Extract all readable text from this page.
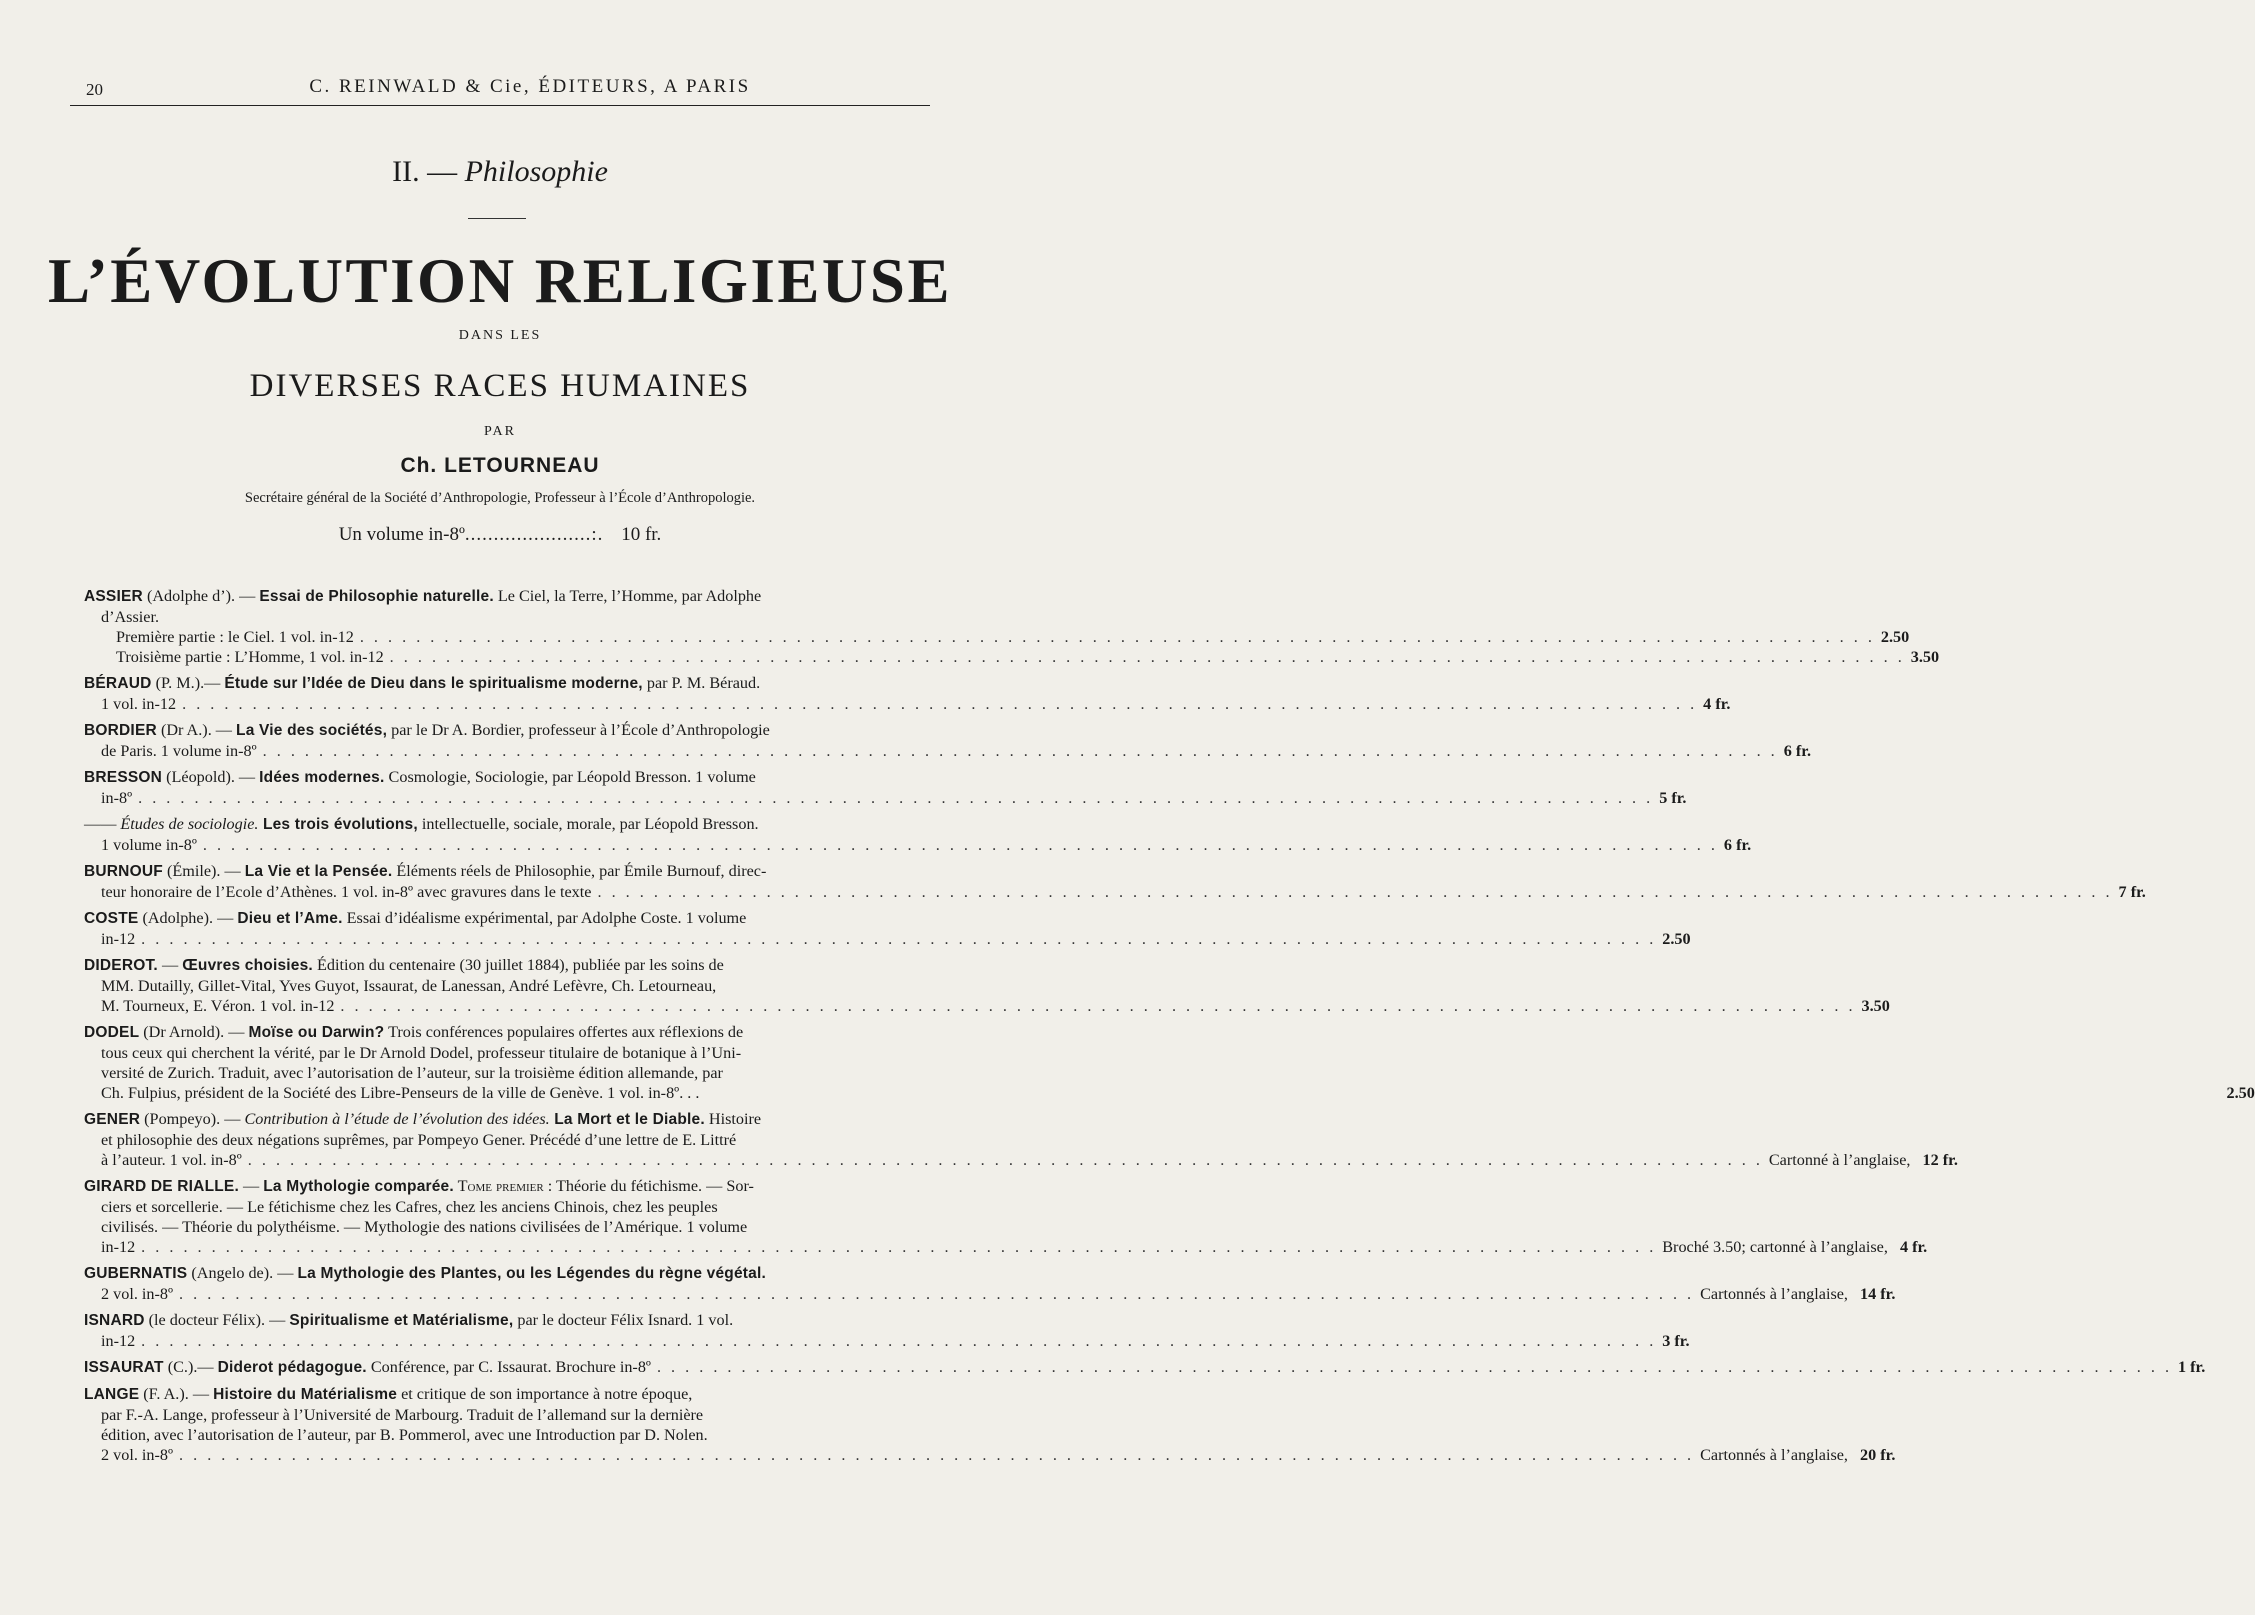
20	C. REINWALD & Cie, ÉDITEURS, A PARIS
II. — Philosophie
L’ÉVOLUTION RELIGIEUSE
DANS LES
DIVERSES RACES HUMAINES
PAR
Ch. LETOURNEAU
Secrétaire général de la Société d’Anthropologie, Professeur à l’École d’Anthropologie.
Un volume in-8º......................:. 10 fr.
ASSIER (Adolphe d’). — Essai de Philosophie naturelle. Le Ciel, la Terre, l’Homme, par Adolphe
d’Assier.
Première partie : le Ciel. 1 vol. in-12 . . .	2.50
Troisième partie : L’Homme, 1 vol. in-12 . . .	3.50
BÉRAUD (P. M.).— Étude sur l’Idée de Dieu dans le spiritualisme moderne, par P. M. Béraud.
1 vol. in-12 . . .	4 fr.
BORDIER (Dr A.). — La Vie des sociétés, par le Dr A. Bordier, professeur à l’École d’Anthropologie
de Paris. 1 volume in-8º . . .	6 fr.
BRESSON (Léopold). — Idées modernes. Cosmologie, Sociologie, par Léopold Bresson. 1 volume
in-8º . . .	5 fr.
—— Études de sociologie. Les trois évolutions, intellectuelle, sociale, morale, par Léopold Bresson.
1 volume in-8º . . .	6 fr.
BURNOUF (Émile). — La Vie et la Pensée. Éléments réels de Philosophie, par Émile Burnouf, direc-
teur honoraire de l’Ecole d’Athènes. 1 vol. in-8º avec gravures dans le texte . . .	7 fr.
COSTE (Adolphe). — Dieu et l’Ame. Essai d’idéalisme expérimental, par Adolphe Coste. 1 volume
in-12 . . .	2.50
DIDEROT. — Œuvres choisies. Édition du centenaire (30 juillet 1884), publiée par les soins de
MM. Dutailly, Gillet-Vital, Yves Guyot, Issaurat, de Lanessan, André Lefèvre, Ch. Letourneau,
M. Tourneux, E. Véron. 1 vol. in-12 . . .	3.50
DODEL (Dr Arnold). — Moïse ou Darwin? Trois conférences populaires offertes aux réflexions de
tous ceux qui cherchent la vérité, par le Dr Arnold Dodel, professeur titulaire de botanique à l’Uni-
versité de Zurich. Traduit, avec l’autorisation de l’auteur, sur la troisième édition allemande, par
Ch. Fulpius, président de la Société des Libre-Penseurs de la ville de Genève. 1 vol. in-8º. . .	2.50
GENER (Pompeyo). — Contribution à l’étude de l’évolution des idées. La Mort et le Diable. Histoire
et philosophie des deux négations suprêmes, par Pompeyo Gener. Précédé d’une lettre de E. Littré
à l’auteur. 1 vol. in-8º . . .	Cartonné à l’anglaise, 12 fr.
GIRARD DE RIALLE. — La Mythologie comparée. Tome premier : Théorie du fétichisme. — Sor-
ciers et sorcellerie. — Le fétichisme chez les Cafres, chez les anciens Chinois, chez les peuples
civilisés. — Théorie du polythéisme. — Mythologie des nations civilisées de l’Amérique. 1 volume
in-12 . . .	Broché 3.50; cartonné à l’anglaise, 4 fr.
GUBERNATIS (Angelo de). — La Mythologie des Plantes, ou les Légendes du règne végétal.
2 vol. in-8º . . .	Cartonnés à l’anglaise, 14 fr.
ISNARD (le docteur Félix). — Spiritualisme et Matérialisme, par le docteur Félix Isnard. 1 vol.
in-12 . . .	3 fr.
ISSAURAT (C.).— Diderot pédagogue. Conférence, par C. Issaurat. Brochure in-8º . . .	1 fr.
LANGE (F. A.). — Histoire du Matérialisme et critique de son importance à notre époque,
par F.-A. Lange, professeur à l’Université de Marbourg. Traduit de l’allemand sur la dernière
édition, avec l’autorisation de l’auteur, par B. Pommerol, avec une Introduction par D. Nolen.
2 vol. in-8º . . .	Cartonnés à l’anglaise, 20 fr.
